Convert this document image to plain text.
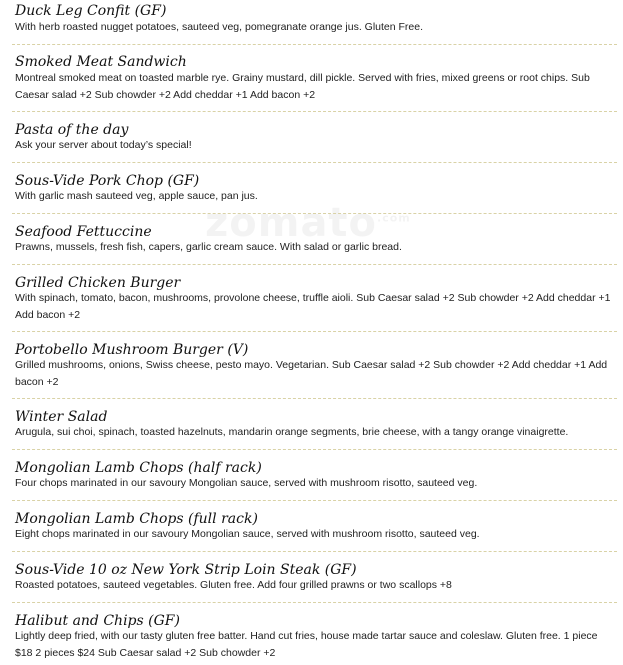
Duck Leg Confit (GF)
With herb roasted nugget potatoes, sauteed veg, pomegranate orange jus. Gluten Free.
Smoked Meat Sandwich
Montreal smoked meat on toasted marble rye. Grainy mustard, dill pickle. Served with fries, mixed greens or root chips. Sub Caesar salad +2 Sub chowder +2 Add cheddar +1 Add bacon +2
Pasta of the day
Ask your server about today’s special!
Sous-Vide Pork Chop (GF)
With garlic mash sauteed veg, apple sauce, pan jus.
Seafood Fettuccine
Prawns, mussels, fresh fish, capers, garlic cream sauce. With salad or garlic bread.
Grilled Chicken Burger
With spinach, tomato, bacon, mushrooms, provolone cheese, truffle aioli. Sub Caesar salad +2 Sub chowder +2 Add cheddar +1 Add bacon +2
Portobello Mushroom Burger (V)
Grilled mushrooms, onions, Swiss cheese, pesto mayo. Vegetarian. Sub Caesar salad +2 Sub chowder +2 Add cheddar +1 Add bacon +2
Winter Salad
Arugula, sui choi, spinach, toasted hazelnuts, mandarin orange segments, brie cheese, with a tangy orange vinaigrette.
Mongolian Lamb Chops (half rack)
Four chops marinated in our savoury Mongolian sauce, served with mushroom risotto, sauteed veg.
Mongolian Lamb Chops (full rack)
Eight chops marinated in our savoury Mongolian sauce, served with mushroom risotto, sauteed veg.
Sous-Vide 10 oz New York Strip Loin Steak (GF)
Roasted potatoes, sauteed vegetables. Gluten free. Add four grilled prawns or two scallops +8
Halibut and Chips (GF)
Lightly deep fried, with our tasty gluten free batter. Hand cut fries, house made tartar sauce and coleslaw. Gluten free. 1 piece $18 2 pieces $24 Sub Caesar salad +2 Sub chowder +2
